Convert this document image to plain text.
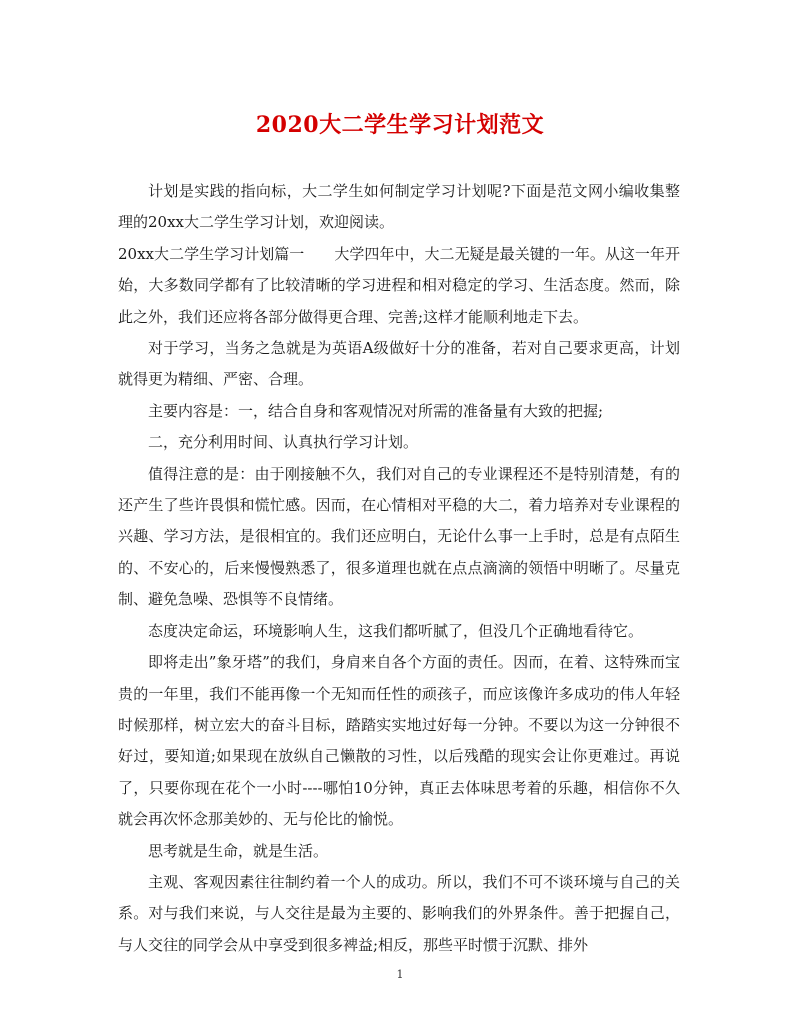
2020大二学生学习计划范文

计划是实践的指向标，大二学生如何制定学习计划呢?下面是范文网小编收集整理的20xx大二学生学习计划，欢迎阅读。

20xx大二学生学习计划篇一 大学四年中，大二无疑是最关键的一年。从这一年开始，大多数同学都有了比较清晰的学习进程和相对稳定的学习、生活态度。然而，除此之外，我们还应将各部分做得更合理、完善;这样才能顺利地走下去。

对于学习，当务之急就是为英语A级做好十分的准备，若对自己要求更高，计划就得更为精细、严密、合理。

主要内容是：一，结合自身和客观情况对所需的准备量有大致的把握;

二，充分利用时间、认真执行学习计划。

值得注意的是：由于刚接触不久，我们对自己的专业课程还不是特别清楚，有的还产生了些许畏惧和慌忙感。因而，在心情相对平稳的大二，着力培养对专业课程的兴趣、学习方法，是很相宜的。我们还应明白，无论什么事一上手时，总是有点陌生的、不安心的，后来慢慢熟悉了，很多道理也就在点点滴滴的领悟中明晰了。尽量克制、避免急噪、恐惧等不良情绪。

态度决定命运，环境影响人生，这我们都听腻了，但没几个正确地看待它。

即将走出”象牙塔”的我们，身肩来自各个方面的责任。因而，在着、这特殊而宝贵的一年里，我们不能再像一个无知而任性的顽孩子，而应该像许多成功的伟人年轻时候那样，树立宏大的奋斗目标，踏踏实实地过好每一分钟。不要以为这一分钟很不好过，要知道;如果现在放纵自己懒散的习性，以后残酷的现实会让你更难过。再说了，只要你现在花个一小时----哪怕10分钟，真正去体味思考着的乐趣，相信你不久就会再次怀念那美妙的、无与伦比的愉悦。

思考就是生命，就是生活。

主观、客观因素往往制约着一个人的成功。所以，我们不可不谈环境与自己的关系。对与我们来说，与人交往是最为主要的、影响我们的外界条件。善于把握自己，与人交往的同学会从中享受到很多裨益;相反，那些平时惯于沉默、排外

1
